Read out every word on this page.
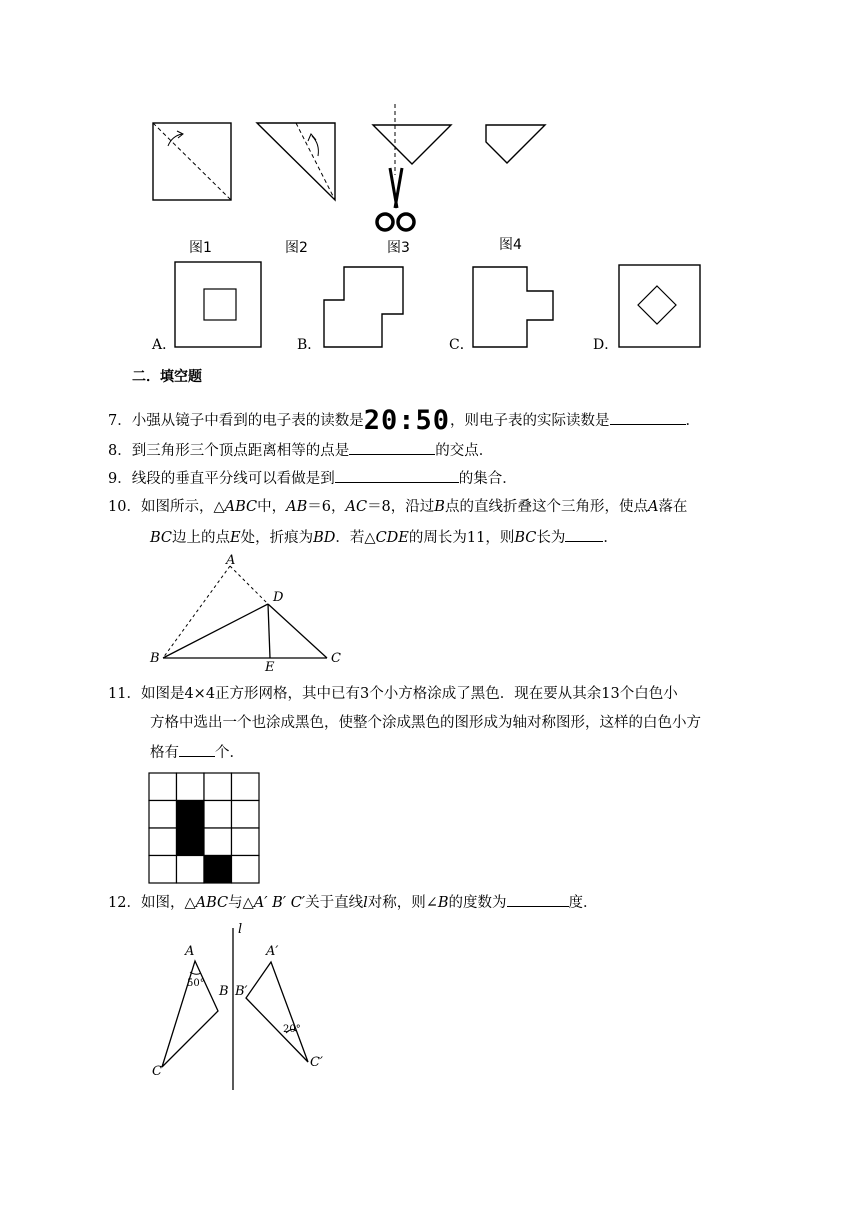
图1	图2	图3	图4
A．	B．	C．	D．
二．填空题
7．小强从镜子中看到的电子表的读数是20:50，则电子表的实际读数是	．
8．到三角形三个顶点距离相等的点是	的交点．
9．线段的垂直平分线可以看做是到	的集合．
10．如图所示，△ABC中，AB＝6，AC＝8，沿过B点的直线折叠这个三角形，使点A落在
BC边上的点E处，折痕为BD．若△CDE的周长为11，则BC长为	．
A
D
B
E
C
11．如图是4×4正方形网格，其中已有3个小方格涂成了黑色．现在要从其余13个白色小
方格中选出一个也涂成黑色，使整个涂成黑色的图形成为轴对称图形，这样的白色小方
格有 个．
12．如图，△ABC与△A′ B′ C′关于直线l对称，则∠B的度数为	度．
l
A
50°
B B′
A′
20°
C
C′
